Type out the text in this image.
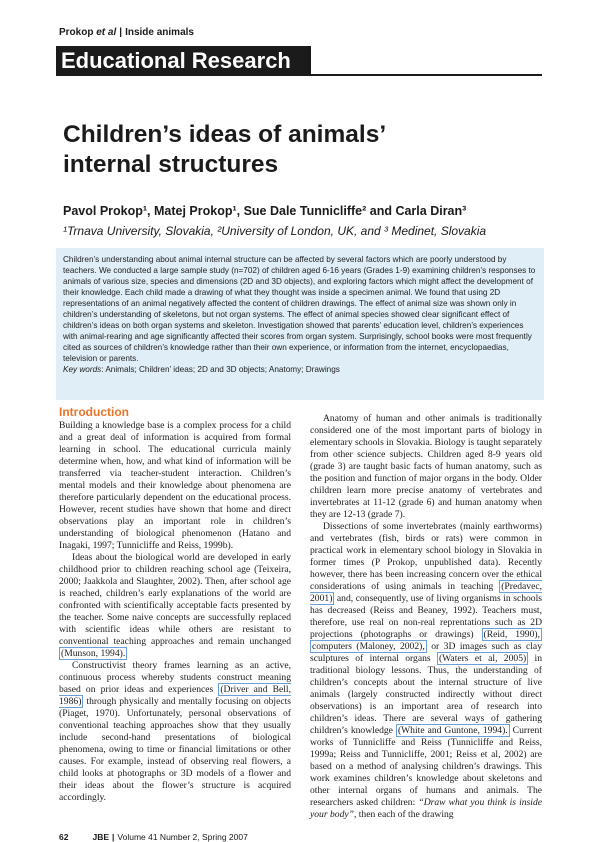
Prokop et al | Inside animals
Educational Research
Children’s ideas of animals’
internal structures
Pavol Prokop¹, Matej Prokop¹, Sue Dale Tunnicliffe² and Carla Diran³
¹Trnava University, Slovakia, ²University of London, UK, and ³ Medinet, Slovakia

Children’s understanding about animal internal structure can be affected by several factors which are poorly understood by teachers. We conducted a large sample study (n=702) of children aged 6-16 years (Grades 1-9) examining children’s responses to animals of various size, species and dimensions (2D and 3D objects), and exploring factors which might affect the development of their knowledge. Each child made a drawing of what they thought was inside a specimen animal. We found that using 2D representations of an animal negatively affected the content of children drawings. The effect of animal size was shown only in children’s understanding of skeletons, but not organ systems. The effect of animal species showed clear significant effect of children’s ideas on both organ systems and skeleton. Investigation showed that parents’ education level, children’s experiences with animal-rearing and age significantly affected their scores from organ system. Surprisingly, school books were most frequently cited as sources of children’s knowledge rather than their own experience, or information from the internet, encyclopaedias, television or parents.

Key words: Animals; Children’ ideas; 2D and 3D objects; Anatomy; Drawings

Introduction

Building a knowledge base is a complex process for a child and a great deal of information is acquired from formal learning in school. The educational curricula mainly determine when, how, and what kind of information will be transferred via teacher-student interaction. Children’s mental models and their knowledge about phenomena are therefore particularly dependent on the educational process. However, recent studies have shown that home and direct observations play an important role in children’s understanding of biological phenomenon (Hatano and Inagaki, 1997; Tunnicliffe and Reiss, 1999b).

Ideas about the biological world are developed in early childhood prior to children reaching school age (Teixeira, 2000; Jaakkola and Slaughter, 2002). Then, after school age is reached, children’s early explanations of the world are confronted with scientifically acceptable facts presented by the teacher. Some naive concepts are successfully replaced with scientific ideas while others are resistant to conventional teaching approaches and remain unchanged (Munson, 1994).

Constructivist theory frames learning as an active, continuous process whereby students construct meaning based on prior ideas and experiences (Driver and Bell, 1986) through physically and mentally focusing on objects (Piaget, 1970). Unfortunately, personal observations of conventional teaching approaches show that they usually include second-hand presentations of biological phenomena, owing to time or financial limitations or other causes. For example, instead of observing real flowers, a child looks at photographs or 3D models of a flower and their ideas about the flower’s structure is acquired accordingly.

Anatomy of human and other animals is traditionally considered one of the most important parts of biology in elementary schools in Slovakia. Biology is taught separately from other science subjects. Children aged 8-9 years old (grade 3) are taught basic facts of human anatomy, such as the position and function of major organs in the body. Older children learn more precise anatomy of vertebrates and invertebrates at 11-12 (grade 6) and human anatomy when they are 12-13 (grade 7).

Dissections of some invertebrates (mainly earthworms) and vertebrates (fish, birds or rats) were common in practical work in elementary school biology in Slovakia in former times (P Prokop, unpublished data). Recently however, there has been increasing concern over the ethical considerations of using animals in teaching (Predavec, 2001) and, consequently, use of living organisms in schools has decreased (Reiss and Beaney, 1992). Teachers must, therefore, use real on non-real reprentations such as 2D projections (photographs or drawings) (Reid, 1990), computers (Maloney, 2002), or 3D images such as clay sculptures of internal organs (Waters et al, 2005) in traditional biology lessons. Thus, the understanding of children’s concepts about the internal structure of live animals (largely constructed indirectly without direct observations) is an important area of research into children’s ideas. There are several ways of gathering children’s knowledge (White and Guntone, 1994). Current works of Tunnicliffe and Reiss (Tunnicliffe and Reiss, 1999a; Reiss and Tunnicliffe, 2001; Reiss et al, 2002) are based on a method of analysing children’s drawings. This work examines children’s knowledge about skeletons and other internal organs of humans and animals. The researchers asked children: “Draw what you think is inside your body”, then each of the drawing

62	JBE | Volume 41 Number 2, Spring 2007
